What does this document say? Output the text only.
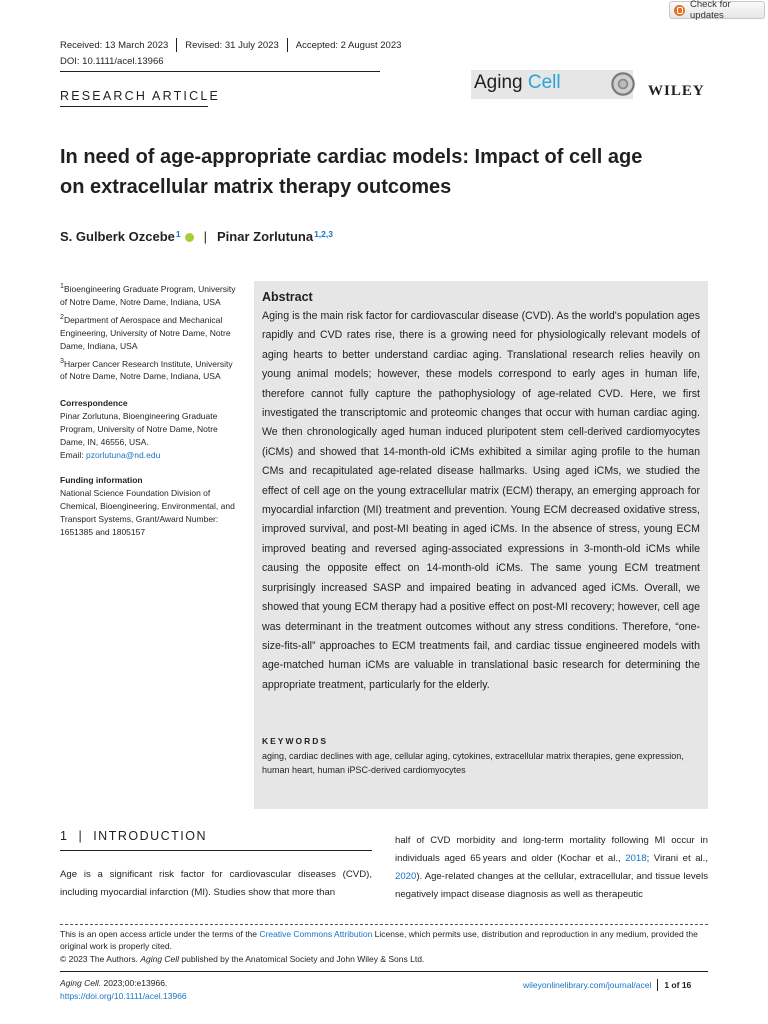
Check for updates
Received: 13 March 2023 Revised: 31 July 2023 Accepted: 2 August 2023
DOI: 10.1111/acel.13966
RESEARCH ARTICLE
Aging Cell	WILEY
In need of age-appropriate cardiac models: Impact of cell age
on extracellular matrix therapy outcomes
S. Gulberk Ozcebe 1 | Pinar Zorlutuna 1,2,3

$^1$Bioengineering Graduate Program, University of Notre Dame, Notre Dame, Indiana, USA

$^2$Department of Aerospace and Mechanical Engineering, University of Notre Dame, Notre Dame, Indiana, USA

$^3$Harper Cancer Research Institute, University of Notre Dame, Notre Dame, Indiana, USA

Correspondence

Pinar Zorlutuna, Bioengineering Graduate Program, University of Notre Dame, Notre Dame, IN, 46556, USA.
Email: pzorlutuna@nd.edu

Funding information

National Science Foundation Division of Chemical, Bioengineering, Environmental, and Transport Systems, Grant/Award Number: 1651385 and 1805157

Abstract
Aging is the main risk factor for cardiovascular disease (CVD). As the world's population ages rapidly and CVD rates rise, there is a growing need for physiologically relevant models of aging hearts to better understand cardiac aging. Translational research relies heavily on young animal models; however, these models correspond to early ages in human life, therefore cannot fully capture the pathophysiology of age-related CVD. Here, we first investigated the transcriptomic and proteomic changes that occur with human cardiac aging. We then chronologically aged human induced pluripotent stem cell-derived cardiomyocytes (iCMs) and showed that 14-month-old iCMs exhibited a similar aging profile to the human CMs and recapitulated age-related disease hallmarks. Using aged iCMs, we studied the effect of cell age on the young extracellular matrix (ECM) therapy, an emerging approach for myocardial infarction (MI) treatment and prevention. Young ECM decreased oxidative stress, improved survival, and post-MI beating in aged iCMs. In the absence of stress, young ECM improved beating and reversed aging-associated expressions in 3-month-old iCMs while causing the opposite effect on 14-month-old iCMs. The same young ECM treatment surprisingly increased SASP and impaired beating in advanced aged iCMs. Overall, we showed that young ECM therapy had a positive effect on post-MI recovery; however, cell age was determinant in the treatment outcomes without any stress conditions. Therefore, “one-size-fits-all” approaches to ECM treatments fail, and cardiac tissue engineered models with age-matched human iCMs are valuable in translational basic research for determining the appropriate treatment, particularly for the elderly.
KEYWORDS
aging, cardiac declines with age, cellular aging, cytokines, extracellular matrix therapies, gene expression, human heart, human iPSC-derived cardiomyocytes
1 | INTRODUCTION
Age is a significant risk factor for cardiovascular diseases (CVD), including myocardial infarction (MI). Studies show that more than
half of CVD morbidity and long-term mortality following MI occur in individuals aged 65 years and older (Kochar et al., 2018; Virani et al., 2020). Age-related changes at the cellular, extracellular, and tissue levels negatively impact disease diagnosis as well as therapeutic
This is an open access article under the terms of the Creative Commons Attribution License, which permits use, distribution and reproduction in any medium, provided the original work is properly cited.
© 2023 The Authors. Aging Cell published by the Anatomical Society and John Wiley & Sons Ltd.
Aging Cell. 2023;00:e13966.
https://doi.org/10.1111/acel.13966
wileyonlinelibrary.com/journal/acel 1 of 16
